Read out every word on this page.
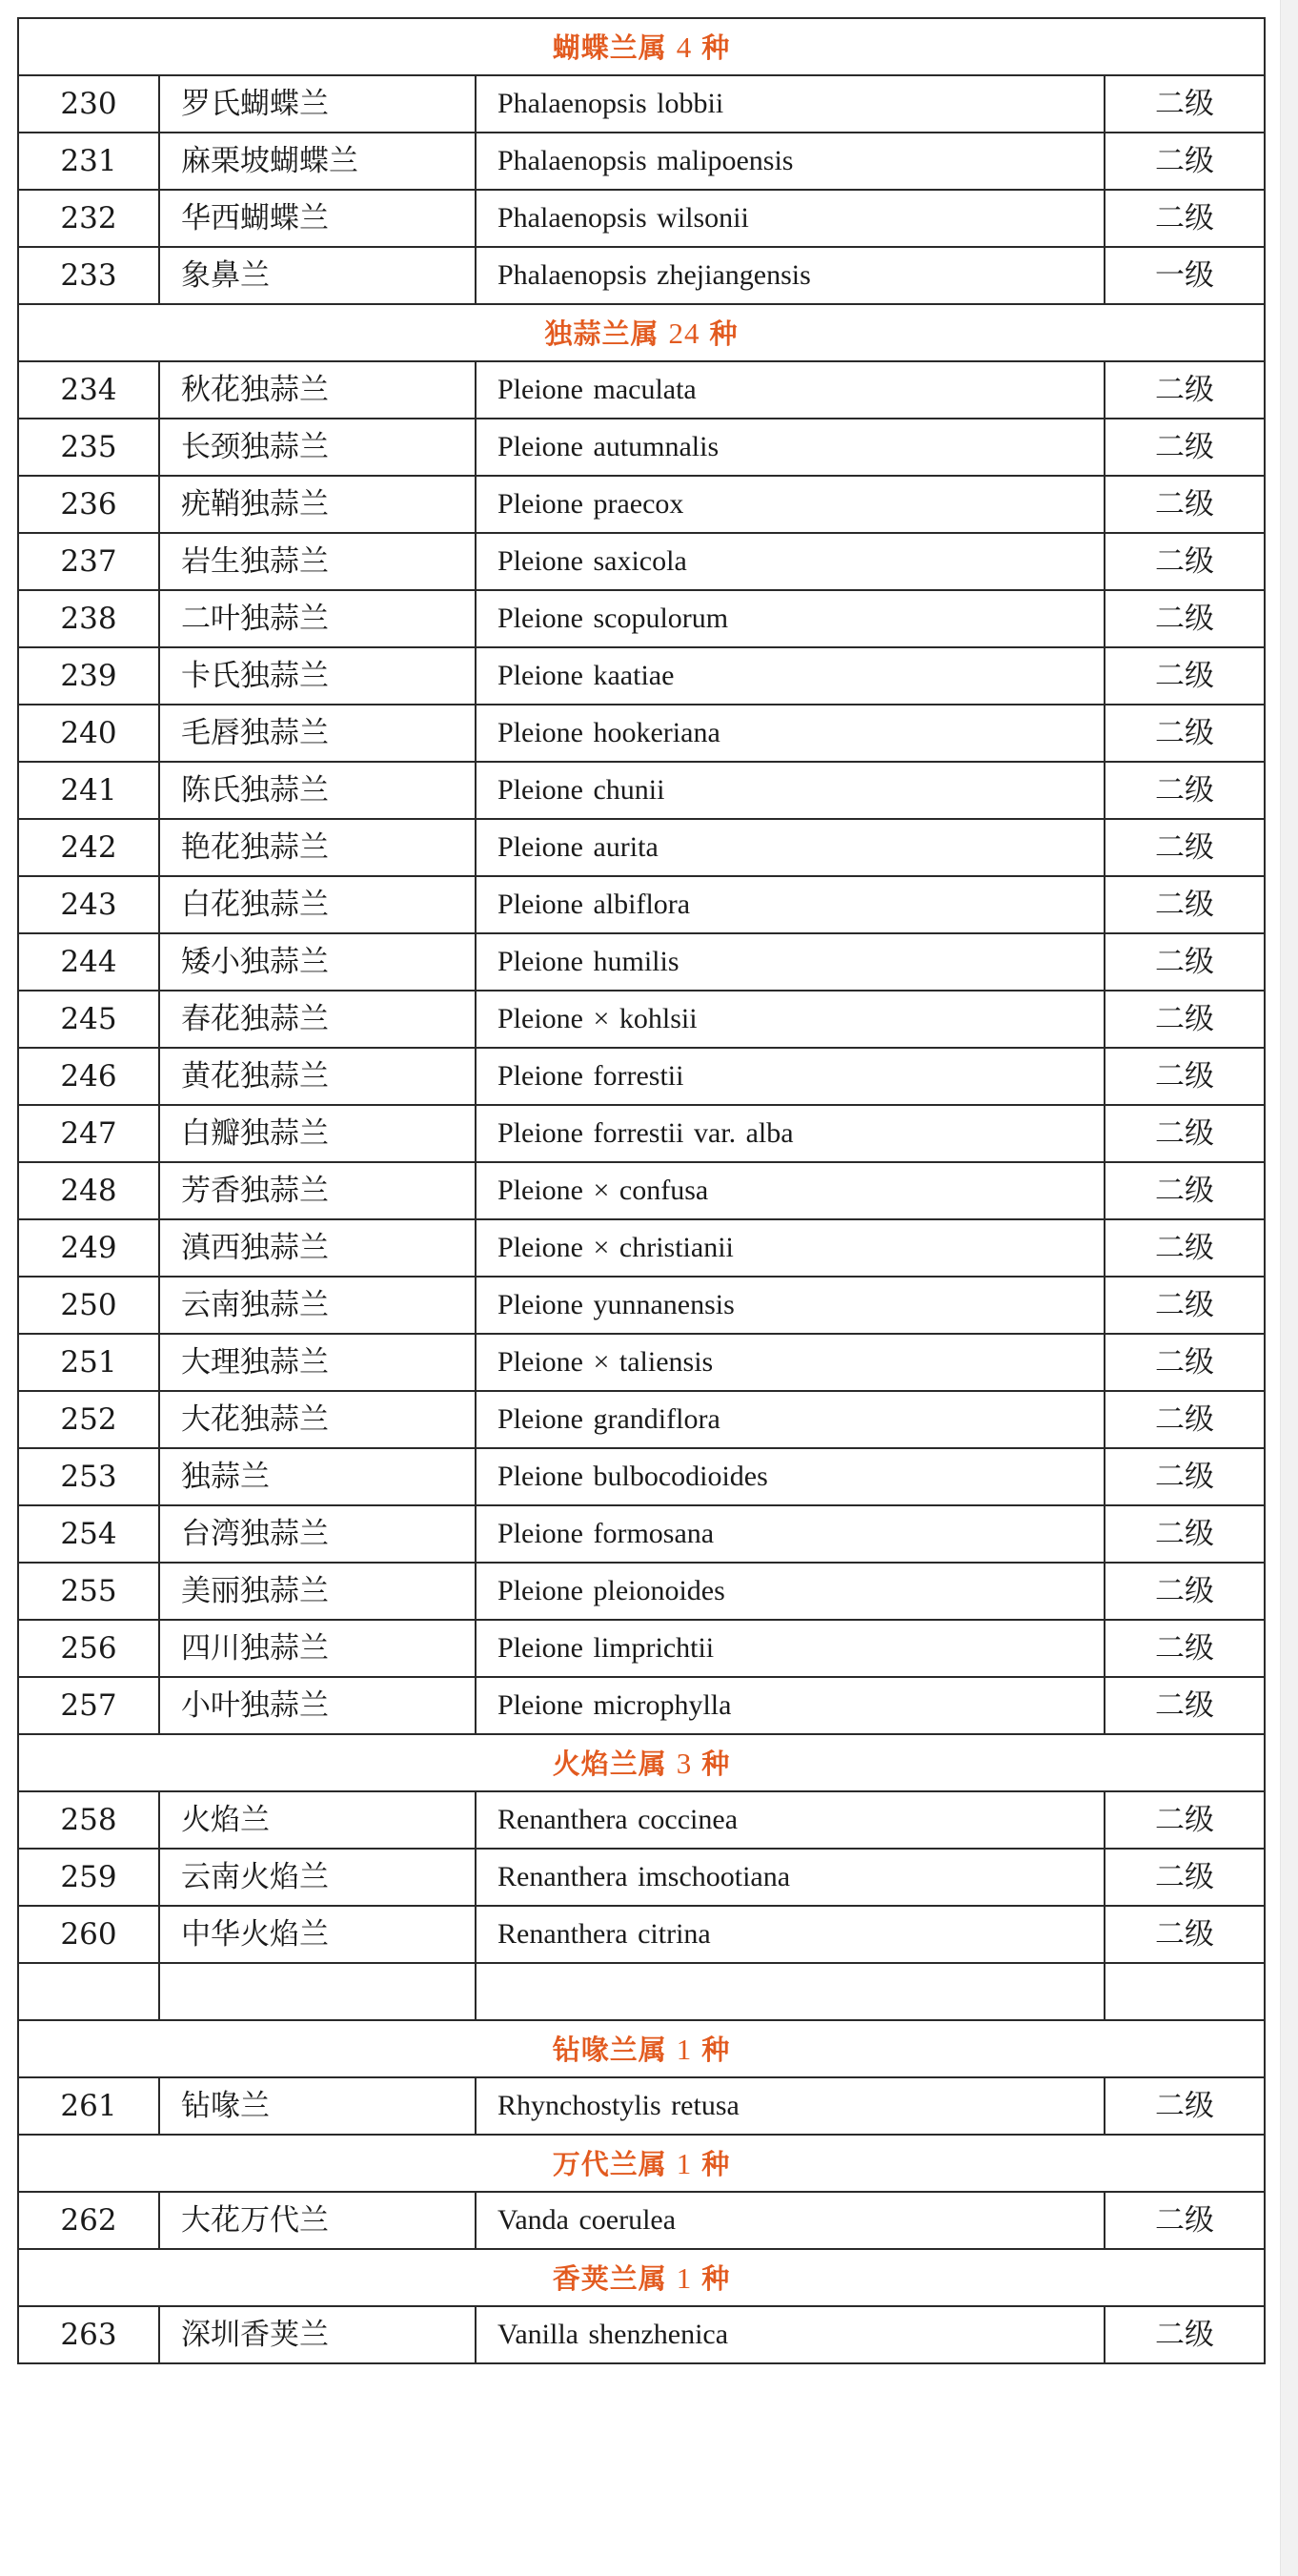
蝴蝶兰属 4 种			
230	罗氏蝴蝶兰	Phalaenopsis lobbii	二级
231	麻栗坡蝴蝶兰	Phalaenopsis malipoensis	二级
232	华西蝴蝶兰	Phalaenopsis wilsonii	二级
233	象鼻兰	Phalaenopsis zhejiangensis	一级
独蒜兰属 24 种			
234	秋花独蒜兰	Pleione maculata	二级
235	长颈独蒜兰	Pleione autumnalis	二级
236	疣鞘独蒜兰	Pleione praecox	二级
237	岩生独蒜兰	Pleione saxicola	二级
238	二叶独蒜兰	Pleione scopulorum	二级
239	卡氏独蒜兰	Pleione kaatiae	二级
240	毛唇独蒜兰	Pleione hookeriana	二级
241	陈氏独蒜兰	Pleione chunii	二级
242	艳花独蒜兰	Pleione aurita	二级
243	白花独蒜兰	Pleione albiflora	二级
244	矮小独蒜兰	Pleione humilis	二级
245	春花独蒜兰	Pleione × kohlsii	二级
246	黄花独蒜兰	Pleione forrestii	二级
247	白瓣独蒜兰	Pleione forrestii var. alba	二级
248	芳香独蒜兰	Pleione × confusa	二级
249	滇西独蒜兰	Pleione × christianii	二级
250	云南独蒜兰	Pleione yunnanensis	二级
251	大理独蒜兰	Pleione × taliensis	二级
252	大花独蒜兰	Pleione grandiflora	二级
253	独蒜兰	Pleione bulbocodioides	二级
254	台湾独蒜兰	Pleione formosana	二级
255	美丽独蒜兰	Pleione pleionoides	二级
256	四川独蒜兰	Pleione limprichtii	二级
257	小叶独蒜兰	Pleione microphylla	二级
火焰兰属 3 种			
258	火焰兰	Renanthera coccinea	二级
259	云南火焰兰	Renanthera imschootiana	二级
260	中华火焰兰	Renanthera citrina	二级

钻喙兰属 1 种			
261	钻喙兰	Rhynchostylis retusa	二级
万代兰属 1 种			
262	大花万代兰	Vanda coerulea	二级
香荚兰属 1 种			
263	深圳香荚兰	Vanilla shenzhenica	二级
